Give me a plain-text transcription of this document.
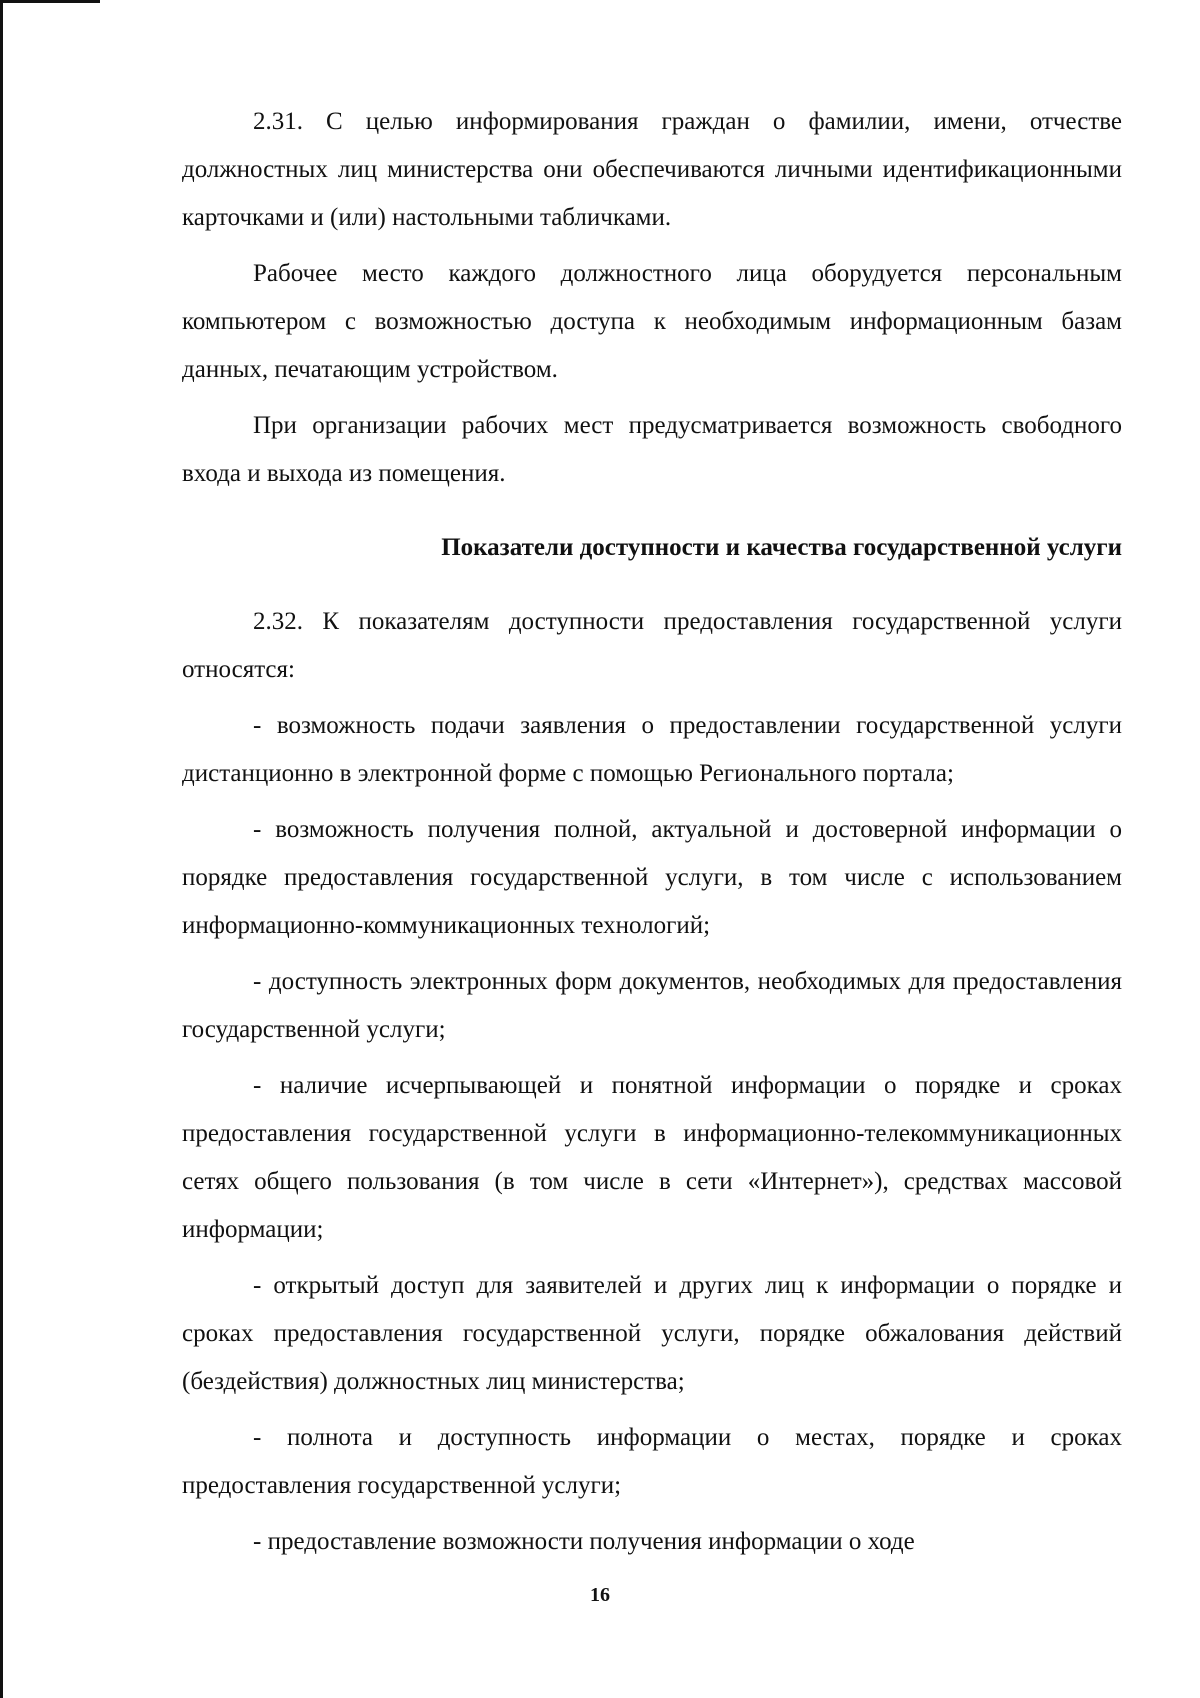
2.31. С целью информирования граждан о фамилии, имени, отчестве должностных лиц министерства они обеспечиваются личными идентификационными карточками и (или) настольными табличками.

Рабочее место каждого должностного лица оборудуется персональным компьютером с возможностью доступа к необходимым информационным базам данных, печатающим устройством.

При организации рабочих мест предусматривается возможность свободного входа и выхода из помещения.

Показатели доступности и качества государственной услуги

2.32. К показателям доступности предоставления государственной услуги относятся:

- возможность подачи заявления о предоставлении государственной услуги дистанционно в электронной форме с помощью Регионального портала;

- возможность получения полной, актуальной и достоверной информации о порядке предоставления государственной услуги, в том числе с использованием информационно-коммуникационных технологий;

- доступность электронных форм документов, необходимых для предоставления государственной услуги;

- наличие исчерпывающей и понятной информации о порядке и сроках предоставления государственной услуги в информационно-телекоммуникационных сетях общего пользования (в том числе в сети «Интернет»), средствах массовой информации;

- открытый доступ для заявителей и других лиц к информации о порядке и сроках предоставления государственной услуги, порядке обжалования действий (бездействия) должностных лиц министерства;

- полнота и доступность информации о местах, порядке и сроках предоставления государственной услуги;

- предоставление возможности получения информации о ходе

16
